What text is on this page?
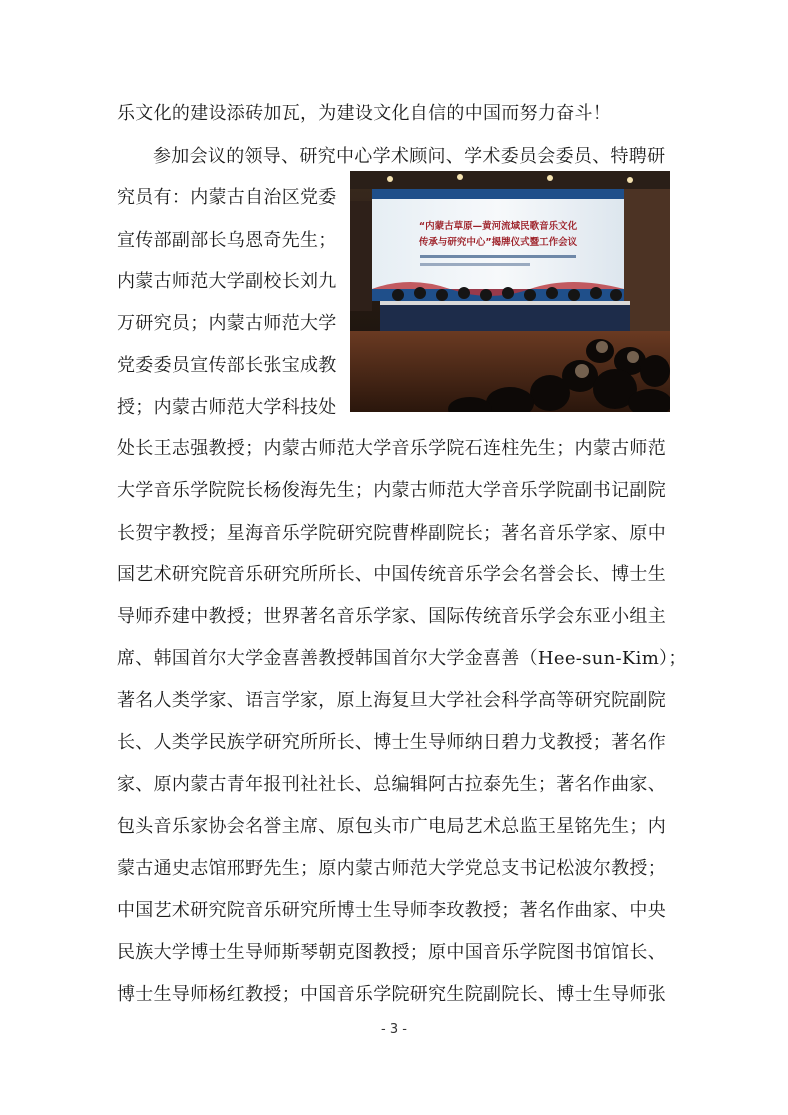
乐文化的建设添砖加瓦，为建设文化自信的中国而努力奋斗！
参加会议的领导、研究中心学术顾问、学术委员会委员、特聘研
究员有：内蒙古自治区党委
宣传部副部长乌恩奇先生；
内蒙古师范大学副校长刘九
万研究员；内蒙古师范大学
党委委员宣传部长张宝成教
授；内蒙古师范大学科技处
处长王志强教授；内蒙古师范大学音乐学院石连柱先生；内蒙古师范
大学音乐学院院长杨俊海先生；内蒙古师范大学音乐学院副书记副院
长贺宇教授；星海音乐学院研究院曹桦副院长；著名音乐学家、原中
国艺术研究院音乐研究所所长、中国传统音乐学会名誉会长、博士生
导师乔建中教授；世界著名音乐学家、国际传统音乐学会东亚小组主
席、韩国首尔大学金喜善教授韩国首尔大学金喜善（Hee-sun-Kim）；
著名人类学家、语言学家，原上海复旦大学社会科学高等研究院副院
长、人类学民族学研究所所长、博士生导师纳日碧力戈教授；著名作
家、原内蒙古青年报刊社社长、总编辑阿古拉泰先生；著名作曲家、
包头音乐家协会名誉主席、原包头市广电局艺术总监王星铭先生；内
蒙古通史志馆邢野先生；原内蒙古师范大学党总支书记松波尔教授；
中国艺术研究院音乐研究所博士生导师李玫教授；著名作曲家、中央
民族大学博士生导师斯琴朝克图教授；原中国音乐学院图书馆馆长、
博士生导师杨红教授；中国音乐学院研究生院副院长、博士生导师张
“内蒙古草原—黄河流域民歌音乐文化
传承与研究中心”揭牌仪式暨工作会议
- 3 -
